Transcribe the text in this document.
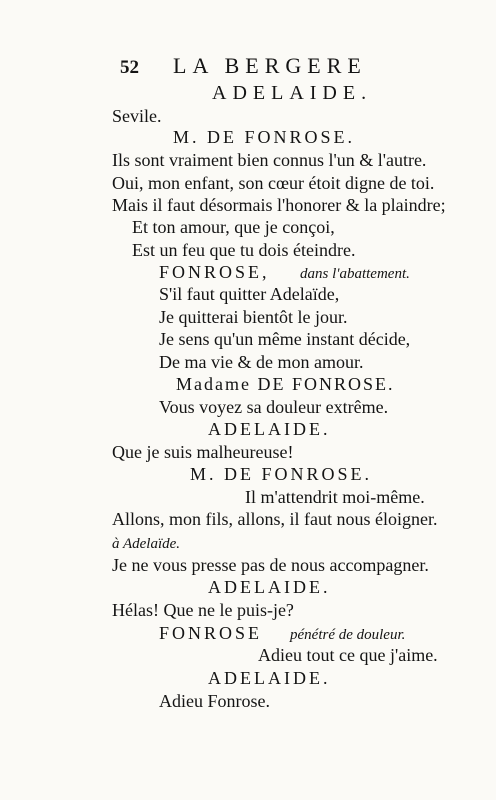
52 LA BERGERE
ADELAIDE.
Sevile.
M. DE FONROSE.
Ils sont vraiment bien connus l'un & l'autre.
Oui, mon enfant, son cœur étoit digne de toi.
Mais il faut désormais l'honorer & la plaindre;
Et ton amour, que je conçoi,
Est un feu que tu dois éteindre.
FONROSE, dans l'abattement.
S'il faut quitter Adelaïde,
Je quitterai bientôt le jour.
Je sens qu'un même instant décide,
De ma vie & de mon amour.
Madame DE FONROSE.
Vous voyez sa douleur extrême.
ADELAIDE.
Que je suis malheureuse!
M. DE FONROSE.
Il m'attendrit moi-même.
Allons, mon fils, allons, il faut nous éloigner.
à Adelaïde.
Je ne vous presse pas de nous accompagner.
ADELAIDE.
Hélas! Que ne le puis-je?
FONROSE pénétré de douleur.
Adieu tout ce que j'aime.
ADELAIDE.
Adieu Fonrose.
